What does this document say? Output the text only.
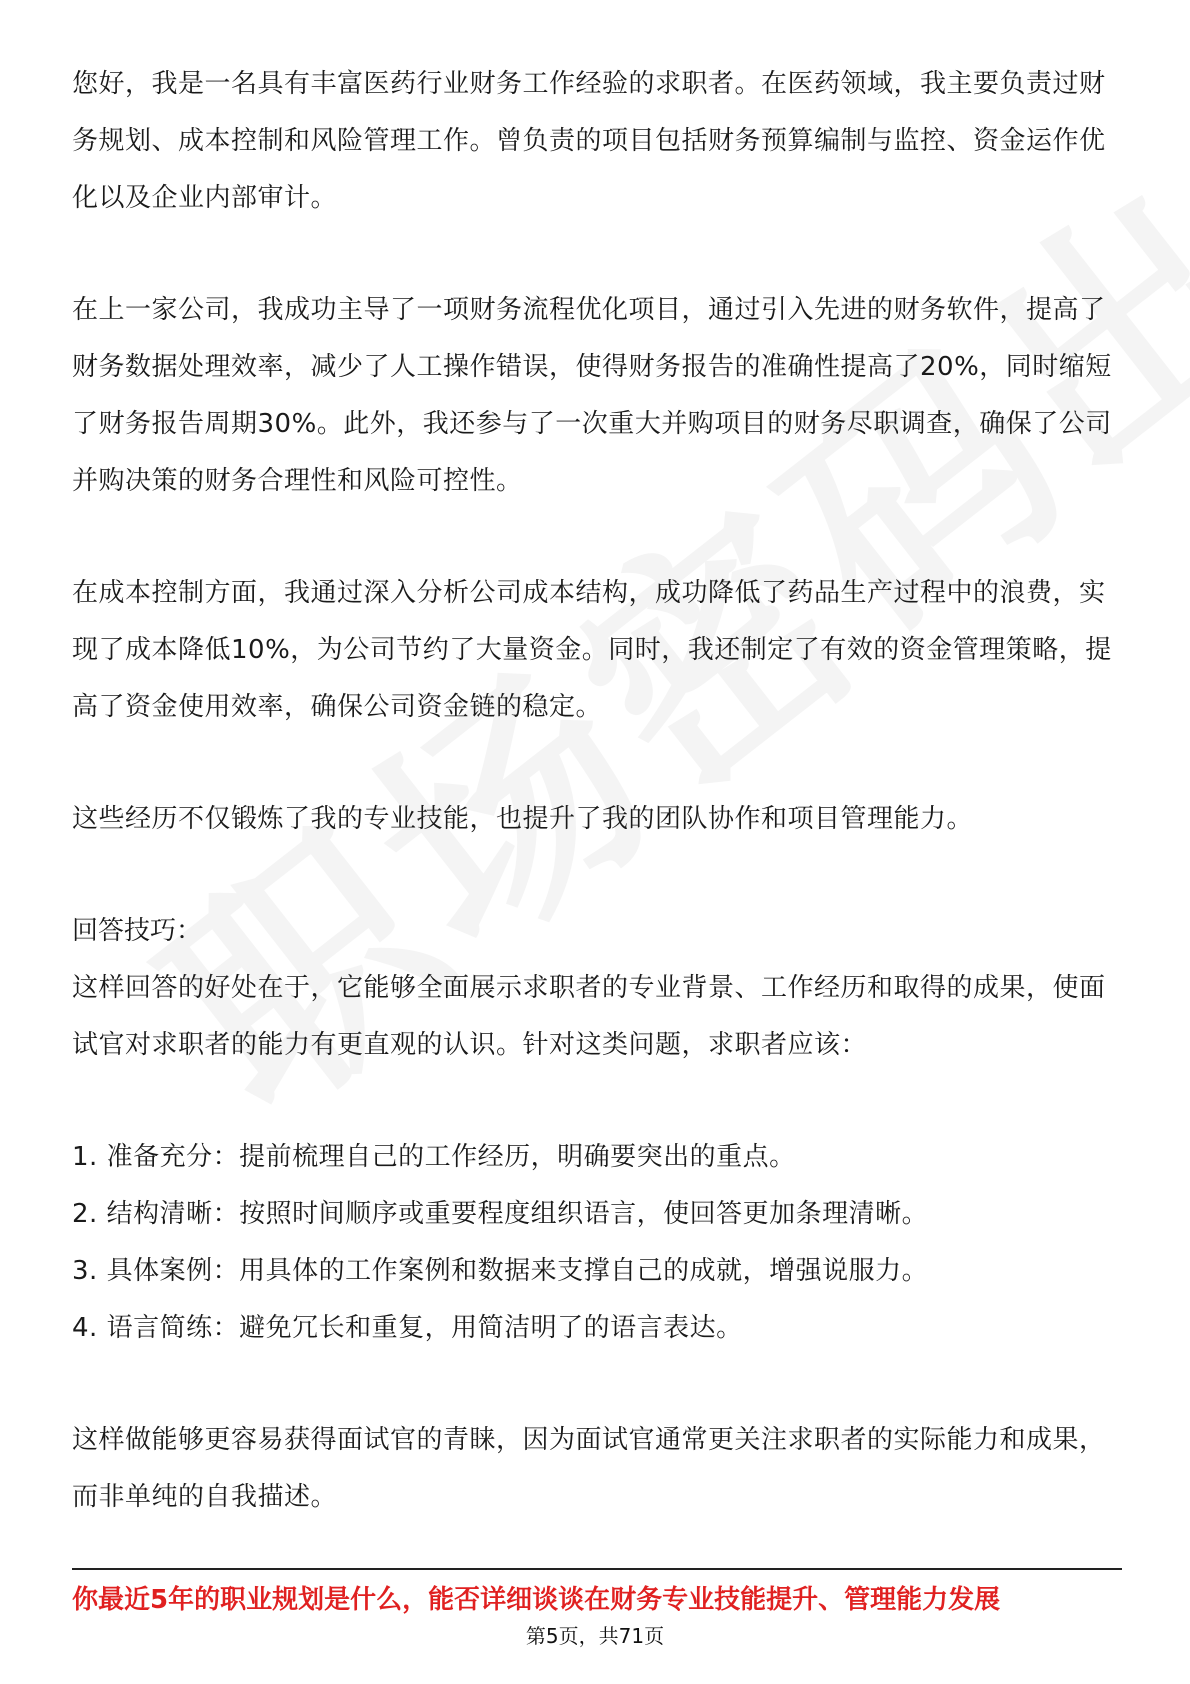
您好，我是一名具有丰富医药行业财务工作经验的求职者。在医药领域，我主要负责过财务规划、成本控制和风险管理工作。曾负责的项目包括财务预算编制与监控、资金运作优化以及企业内部审计。

在上一家公司，我成功主导了一项财务流程优化项目，通过引入先进的财务软件，提高了财务数据处理效率，减少了人工操作错误，使得财务报告的准确性提高了20%，同时缩短了财务报告周期30%。此外，我还参与了一次重大并购项目的财务尽职调查，确保了公司并购决策的财务合理性和风险可控性。

在成本控制方面，我通过深入分析公司成本结构，成功降低了药品生产过程中的浪费，实现了成本降低10%，为公司节约了大量资金。同时，我还制定了有效的资金管理策略，提高了资金使用效率，确保公司资金链的稳定。

这些经历不仅锻炼了我的专业技能，也提升了我的团队协作和项目管理能力。

回答技巧：

这样回答的好处在于，它能够全面展示求职者的专业背景、工作经历和取得的成果，使面试官对求职者的能力有更直观的认识。针对这类问题，求职者应该：

1. 准备充分：提前梳理自己的工作经历，明确要突出的重点。
2. 结构清晰：按照时间顺序或重要程度组织语言，使回答更加条理清晰。
3. 具体案例：用具体的工作案例和数据来支撑自己的成就，增强说服力。
4. 语言简练：避免冗长和重复，用简洁明了的语言表达。

这样做能够更容易获得面试官的青睐，因为面试官通常更关注求职者的实际能力和成果，而非单纯的自我描述。

你最近5年的职业规划是什么，能否详细谈谈在财务专业技能提升、管理能力发展
第5页，共71页
